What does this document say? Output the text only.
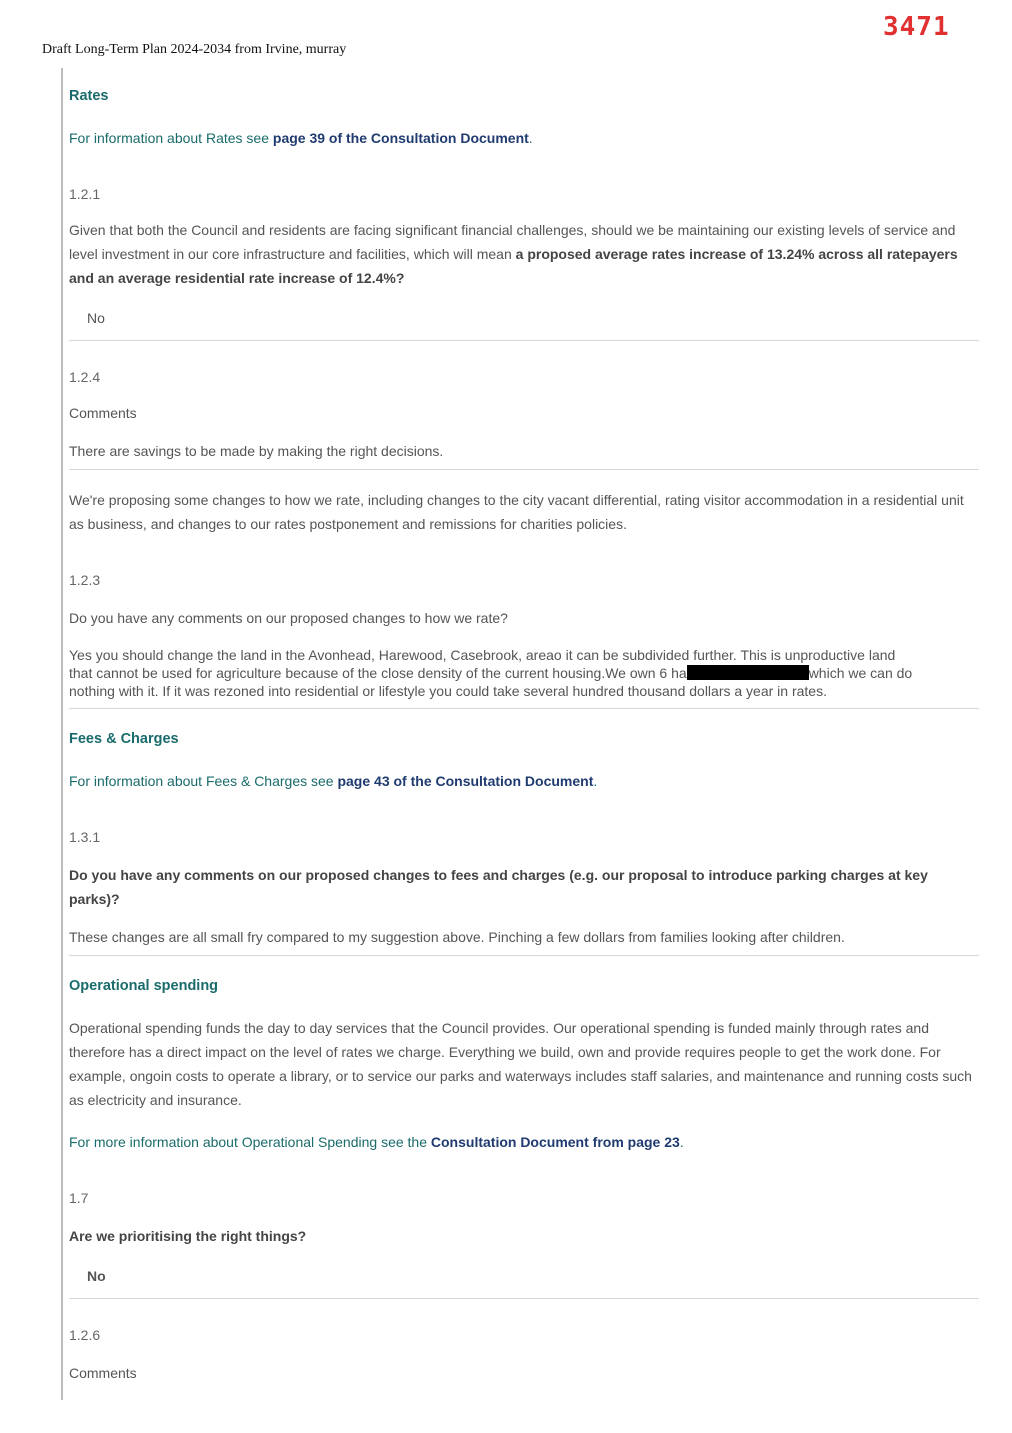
3471
Draft Long-Term Plan 2024-2034 from Irvine, murray
Rates
For information about Rates see page 39 of the Consultation Document.
1.2.1
Given that both the Council and residents are facing significant financial challenges, should we be maintaining our existing levels of service and level investment in our core infrastructure and facilities, which will mean a proposed average rates increase of 13.24% across all ratepayers and an average residential rate increase of 12.4%?
No
1.2.4
Comments
There are savings to be made by making the right decisions.
We're proposing some changes to how we rate, including changes to the city vacant differential, rating visitor accommodation in a residential unit as business, and changes to our rates postponement and remissions for charities policies.
1.2.3
Do you have any comments on our proposed changes to how we rate?
Yes you should change the land in the Avonhead, Harewood, Casebrook, areao it can be subdivided further. This is unproductive land
that cannot be used for agriculture because of the close density of the current housing.We own 6 ha	which we can do
nothing with it. If it was rezoned into residential or lifestyle you could take several hundred thousand dollars a year in rates.
Fees & Charges
For information about Fees & Charges see page 43 of the Consultation Document.
1.3.1
Do you have any comments on our proposed changes to fees and charges (e.g. our proposal to introduce parking charges at key parks)?
These changes are all small fry compared to my suggestion above. Pinching a few dollars from families looking after children.
Operational spending
Operational spending funds the day to day services that the Council provides. Our operational spending is funded mainly through rates and therefore has a direct impact on the level of rates we charge. Everything we build, own and provide requires people to get the work done. For example, ongoin costs to operate a library, or to service our parks and waterways includes staff salaries, and maintenance and running costs such as electricity and insurance.
For more information about Operational Spending see the Consultation Document from page 23.
1.7
Are we prioritising the right things?
No
1.2.6
Comments
